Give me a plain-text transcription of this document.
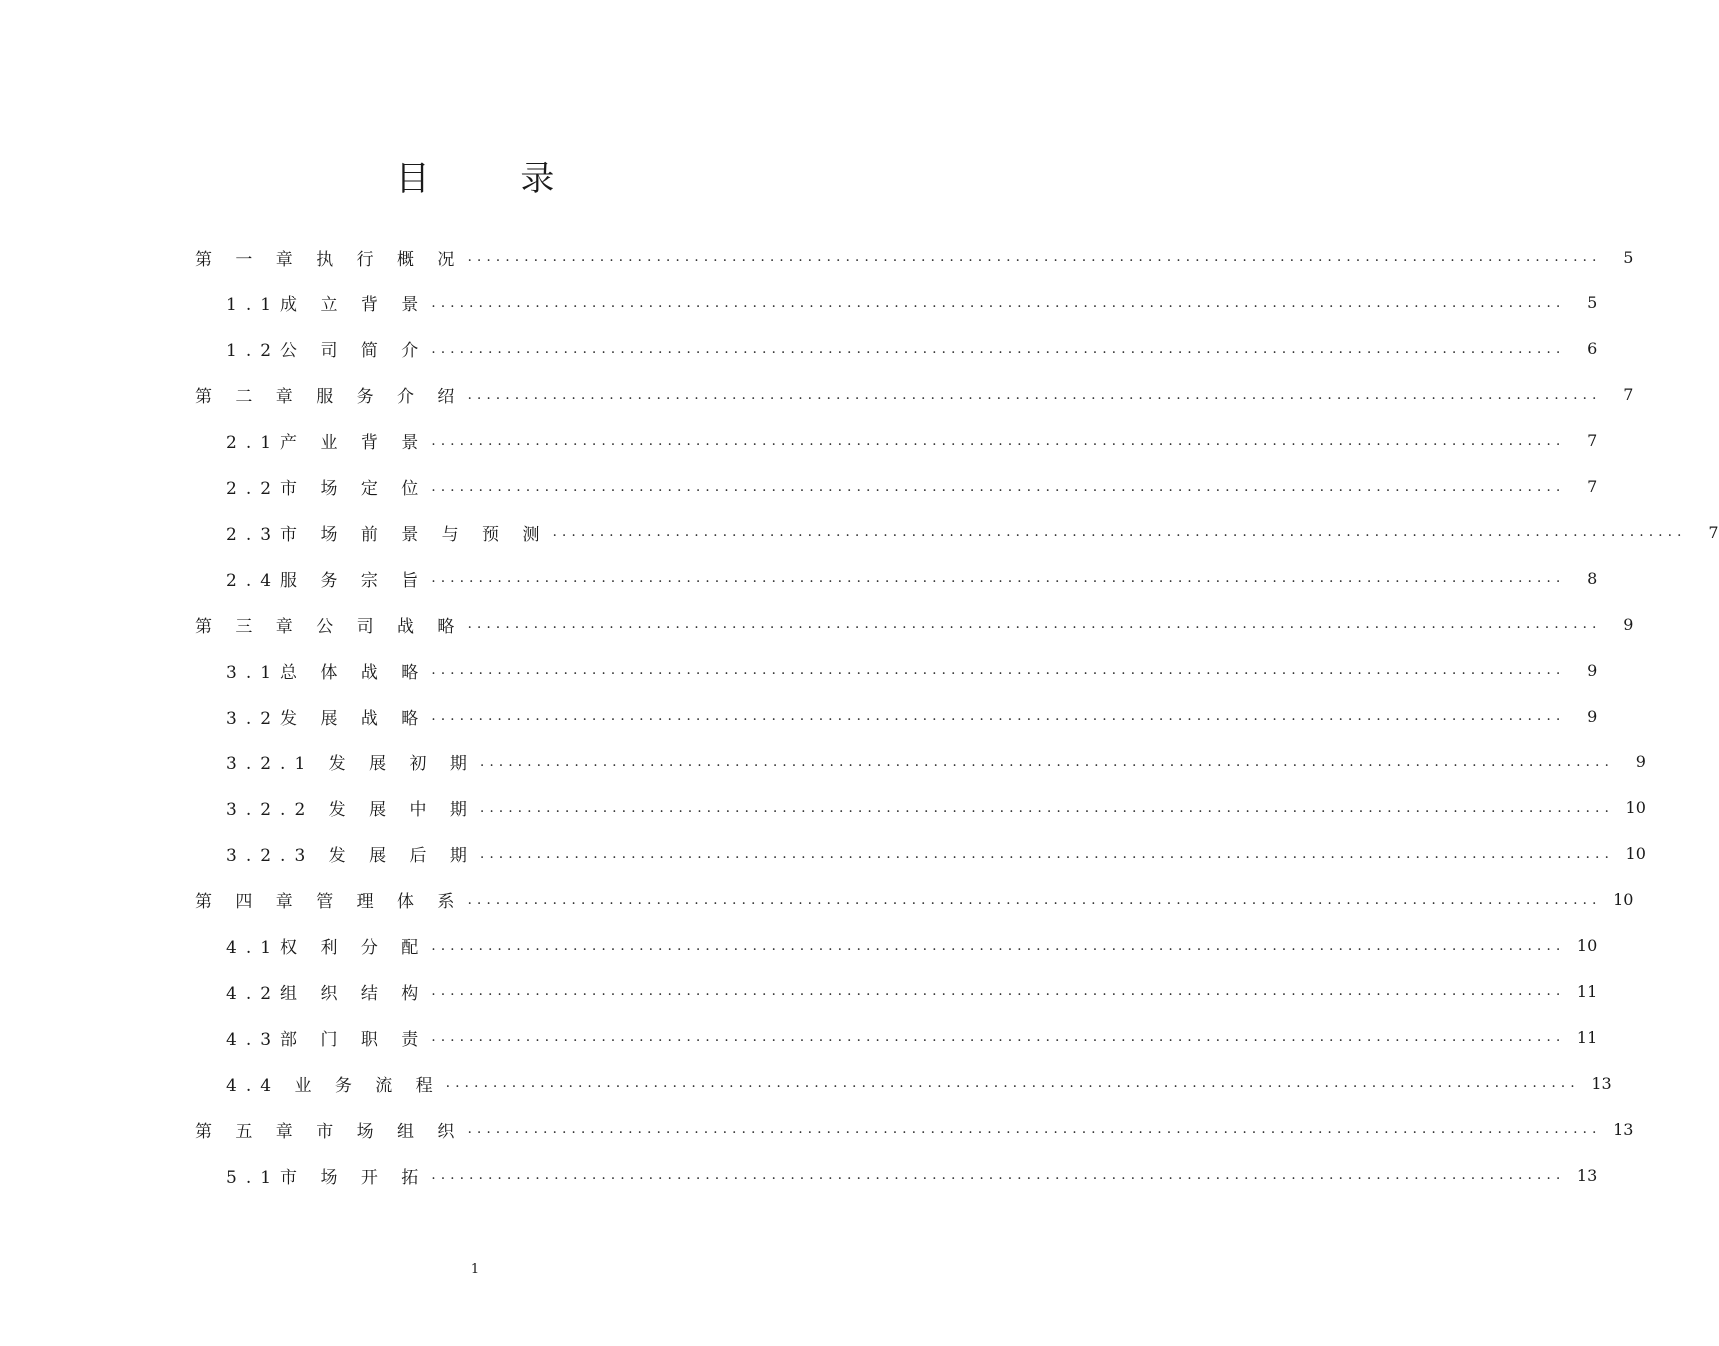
目 录
第 一 章 执 行 概 况 ........................................................................................................................	5
1.1成 立 背 景 ........................................................................................................................	5
1.2公 司 简 介 ........................................................................................................................	6
第 二 章 服 务 介 绍 ........................................................................................................................	7
2.1产 业 背 景 ........................................................................................................................	7
2.2市 场 定 位 ........................................................................................................................	7
2.3市 场 前 景 与 预 测 ........................................................................................................................	7
2.4服 务 宗 旨 ........................................................................................................................	8
第 三 章 公 司 战 略 ........................................................................................................................	9
3.1总 体 战 略 ........................................................................................................................	9
3.2发 展 战 略 ........................................................................................................................	9
3.2.1 发 展 初 期 ........................................................................................................................	9
3.2.2 发 展 中 期 ........................................................................................................................ 10
3.2.3 发 展 后 期 ........................................................................................................................ 10
第 四 章 管 理 体 系 ........................................................................................................................ 10
4.1权 利 分 配 ........................................................................................................................ 10
4.2组 织 结 构 ........................................................................................................................ 11
4.3部 门 职 责 ........................................................................................................................ 11
4.4 业 务 流 程 ........................................................................................................................ 13
第 五 章 市 场 组 织 ........................................................................................................................ 13
5.1市 场 开 拓 ........................................................................................................................ 13
1
